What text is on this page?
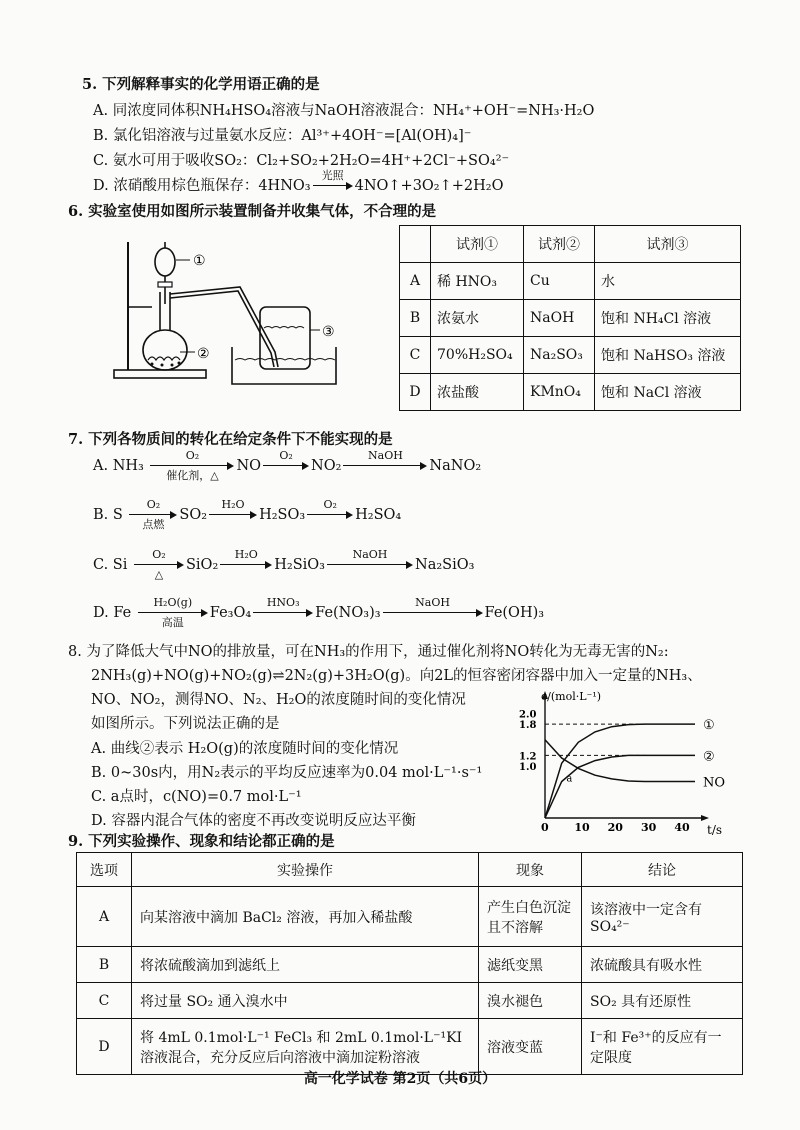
5. 下列解释事实的化学用语正确的是
A. 同浓度同体积NH₄HSO₄溶液与NaOH溶液混合：NH₄⁺+OH⁻=NH₃·H₂O
B. 氯化铝溶液与过量氨水反应：Al³⁺+4OH⁻=[Al(OH)₄]⁻
C. 氨水可用于吸收SO₂：Cl₂+SO₂+2H₂O=4H⁺+2Cl⁻+SO₄²⁻
D. 浓硝酸用棕色瓶保存：4HNO₃
光照

4NO↑+3O₂↑+2H₂O
6. 实验室使用如图所示装置制备并收集气体，不合理的是
①
②
③
	试剂①	试剂②	试剂③
A	稀 HNO₃	Cu	水
B	浓氨水	NaOH	饱和 NH₄Cl 溶液
C	70%H₂SO₄	Na₂SO₃	饱和 NaHSO₃ 溶液
D	浓盐酸	KMnO₄	饱和 NaCl 溶液
7. 下列各物质间的转化在给定条件下不能实现的是
A. NH₃
O₂
催化剂，△
NO
O₂

NO₂
NaOH

NaNO₂
B. S
O₂
点燃
SO₂
H₂O

H₂SO₃
O₂

H₂SO₄
C. Si
O₂
△
SiO₂
H₂O

H₂SiO₃
NaOH

Na₂SiO₃
D. Fe
H₂O(g)
高温
Fe₃O₄
HNO₃

Fe(NO₃)₃
NaOH

Fe(OH)₃
8. 为了降低大气中NO的排放量，可在NH₃的作用下，通过催化剂将NO转化为无毒无害的N₂:
2NH₃(g)+NO(g)+NO₂(g)⇌2N₂(g)+3H₂O(g)。向2L的恒容密闭容器中加入一定量的NH₃、
NO、NO₂，测得NO、N₂、H₂O的浓度随时间的变化情况
如图所示。下列说法正确的是
A. 曲线②表示 H₂O(g)的浓度随时间的变化情况
B. 0~30s内，用N₂表示的平均反应速率为0.04 mol·L⁻¹·s⁻¹
C. a点时，c(NO)=0.7 mol·L⁻¹
D. 容器内混合气体的密度不再改变说明反应达平衡
c/(mol·L⁻¹)
t/s
0 10 20 30 40
1.0
1.2
1.8
2.0
①
②
NO
a
9. 下列实验操作、现象和结论都正确的是
选项	实验操作	现象	结论
A	向某溶液中滴加 BaCl₂ 溶液，再加入稀盐酸	产生白色沉淀且不溶解	该溶液中一定含有 SO₄²⁻
B	将浓硫酸滴加到滤纸上	滤纸变黑	浓硫酸具有吸水性
C	将过量 SO₂ 通入溴水中	溴水褪色	SO₂ 具有还原性
D	将 4mL 0.1mol·L⁻¹ FeCl₃ 和 2mL 0.1mol·L⁻¹KI 溶液混合，充分反应后向溶液中滴加淀粉溶液	溶液变蓝	I⁻和 Fe³⁺的反应有一定限度
高一化学试卷 第2页（共6页）
